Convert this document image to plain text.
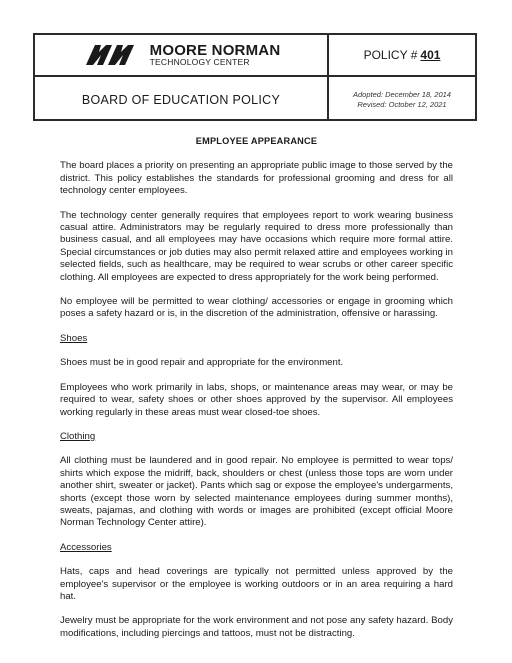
MOORE NORMAN
TECHNOLOGY CENTER
BOARD OF EDUCATION POLICY
POLICY # 401
Adopted: December 18, 2014
Revised: October 12, 2021
EMPLOYEE APPEARANCE

The board places a priority on presenting an appropriate public image to those served by the district. This policy establishes the standards for professional grooming and dress for all technology center employees.

The technology center generally requires that employees report to work wearing business casual attire. Administrators may be regularly required to dress more professionally than business casual, and all employees may have occasions which require more formal attire. Special circumstances or job duties may also permit relaxed attire and employees working in selected fields, such as healthcare, may be required to wear scrubs or other career specific clothing. All employees are expected to dress appropriately for the work being performed.

No employee will be permitted to wear clothing/ accessories or engage in grooming which poses a safety hazard or is, in the discretion of the administration, offensive or harassing.

Shoes

Shoes must be in good repair and appropriate for the environment.

Employees who work primarily in labs, shops, or maintenance areas may wear, or may be required to wear, safety shoes or other shoes approved by the supervisor. All employees working regularly in these areas must wear closed-toe shoes.

Clothing

All clothing must be laundered and in good repair. No employee is permitted to wear tops/ shirts which expose the midriff, back, shoulders or chest (unless those tops are worn under another shirt, sweater or jacket). Pants which sag or expose the employee's undergarments, shorts (except those worn by selected maintenance employees during summer months), sweats, pajamas, and clothing with words or images are prohibited (except official Moore Norman Technology Center attire).

Accessories

Hats, caps and head coverings are typically not permitted unless approved by the employee's supervisor or the employee is working outdoors or in an area requiring a hard hat.

Jewelry must be appropriate for the work environment and not pose any safety hazard. Body modifications, including piercings and tattoos, must not be distracting.
